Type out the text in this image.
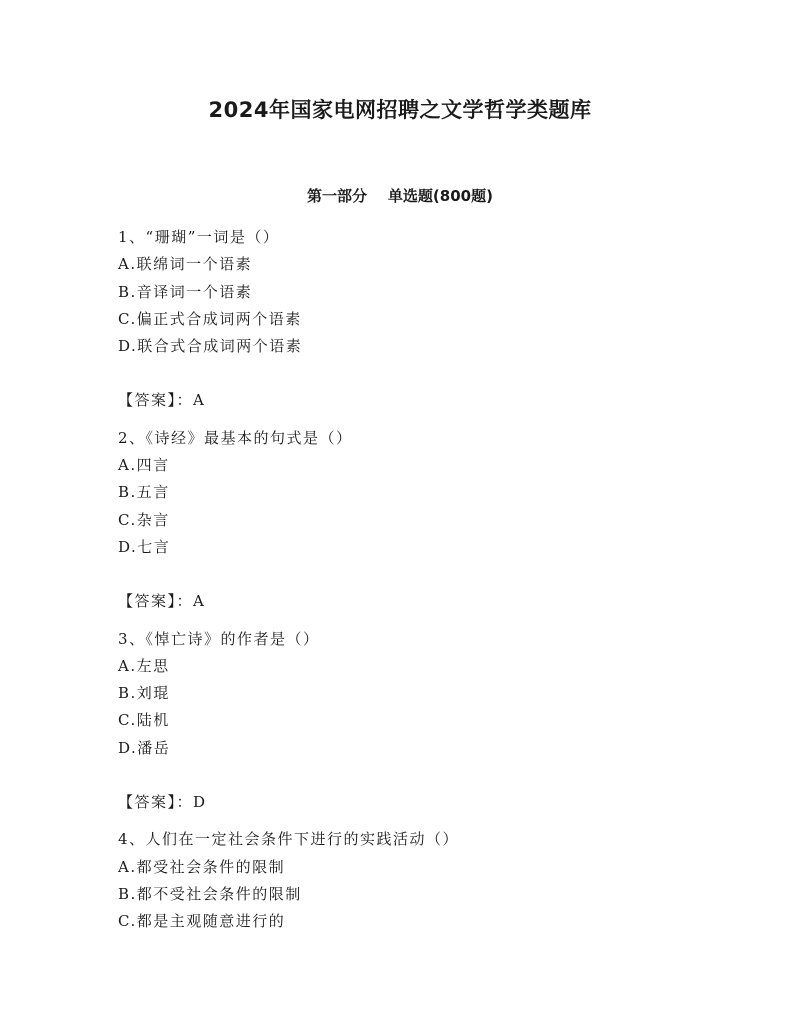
2024年国家电网招聘之文学哲学类题库
第一部分    单选题(800题)
1、“珊瑚”一词是（）
A.联绵词一个语素
B.音译词一个语素
C.偏正式合成词两个语素
D.联合式合成词两个语素
【答案】：A
2、《诗经》最基本的句式是（）
A.四言
B.五言
C.杂言
D.七言
【答案】：A
3、《悼亡诗》的作者是（）
A.左思
B.刘琨
C.陆机
D.潘岳
【答案】：D
4、人们在一定社会条件下进行的实践活动（）
A.都受社会条件的限制
B.都不受社会条件的限制
C.都是主观随意进行的
